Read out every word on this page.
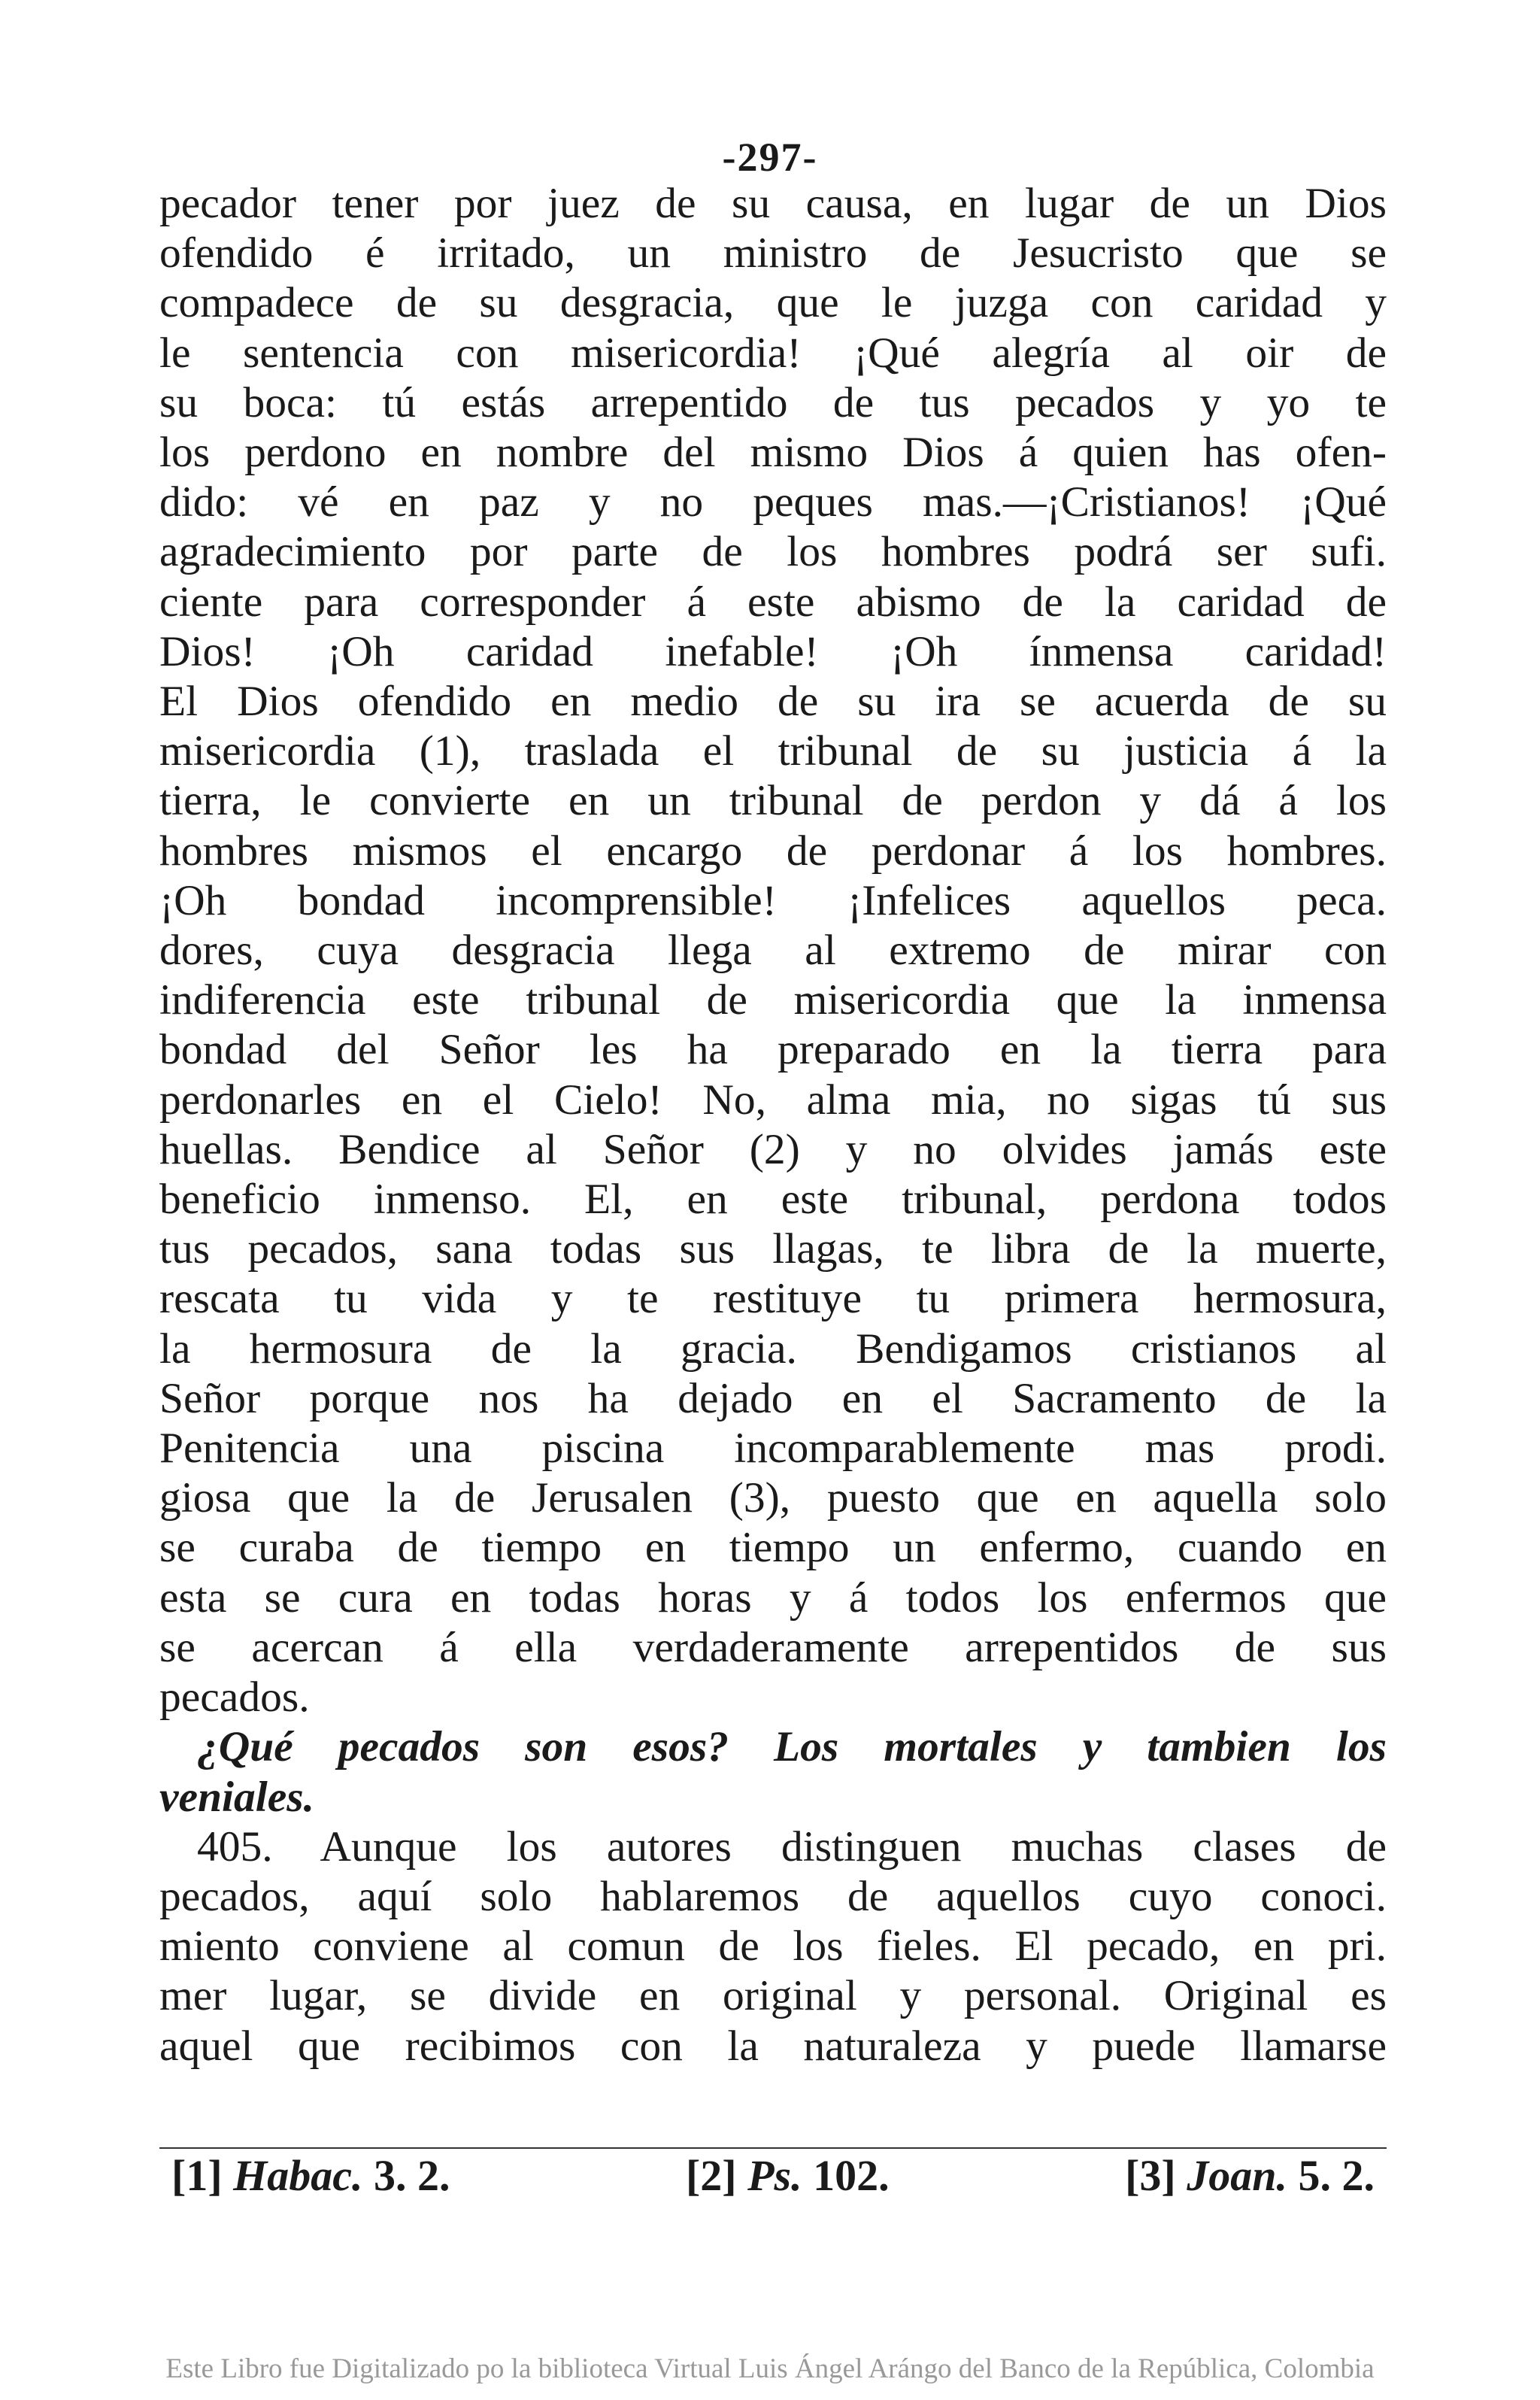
-297-
pecador tener por juez de su causa, en lugar de un Dios
ofendido é irritado, un ministro de Jesucristo que se
compadece de su desgracia, que le juzga con caridad y
le sentencia con misericordia! ¡Qué alegría al oir de
su boca: tú estás arrepentido de tus pecados y yo te
los perdono en nombre del mismo Dios á quien has ofen-
dido: vé en paz y no peques mas.—¡Cristianos! ¡Qué
agradecimiento por parte de los hombres podrá ser sufi.
ciente para corresponder á este abismo de la caridad de
Dios! ¡Oh caridad inefable! ¡Oh ínmensa caridad!
El Dios ofendido en medio de su ira se acuerda de su
misericordia (1), traslada el tribunal de su justicia á la
tierra, le convierte en un tribunal de perdon y dá á los
hombres mismos el encargo de perdonar á los hombres.
¡Oh bondad incomprensible! ¡Infelices aquellos peca.
dores, cuya desgracia llega al extremo de mirar con
indiferencia este tribunal de misericordia que la inmensa
bondad del Señor les ha preparado en la tierra para
perdonarles en el Cielo! No, alma mia, no sigas tú sus
huellas. Bendice al Señor (2) y no olvides jamás este
beneficio inmenso. El, en este tribunal, perdona todos
tus pecados, sana todas sus llagas, te libra de la muerte,
rescata tu vida y te restituye tu primera hermosura,
la hermosura de la gracia. Bendigamos cristianos al
Señor porque nos ha dejado en el Sacramento de la
Penitencia una piscina incomparablemente mas prodi.
giosa que la de Jerusalen (3), puesto que en aquella solo
se curaba de tiempo en tiempo un enfermo, cuando en
esta se cura en todas horas y á todos los enfermos que
se acercan á ella verdaderamente arrepentidos de sus
pecados.
¿Qué pecados son esos? Los mortales y tambien los
veniales.
405. Aunque los autores distinguen muchas clases de
pecados, aquí solo hablaremos de aquellos cuyo conoci.
miento conviene al comun de los fieles. El pecado, en pri.
mer lugar, se divide en original y personal. Original es
aquel que recibimos con la naturaleza y puede llamarse
[1] Habac. 3. 2.	[2] Ps. 102.	[3] Joan. 5. 2.
Este Libro fue Digitalizado po la biblioteca Virtual Luis Ángel Arángo del Banco de la República, Colombia
